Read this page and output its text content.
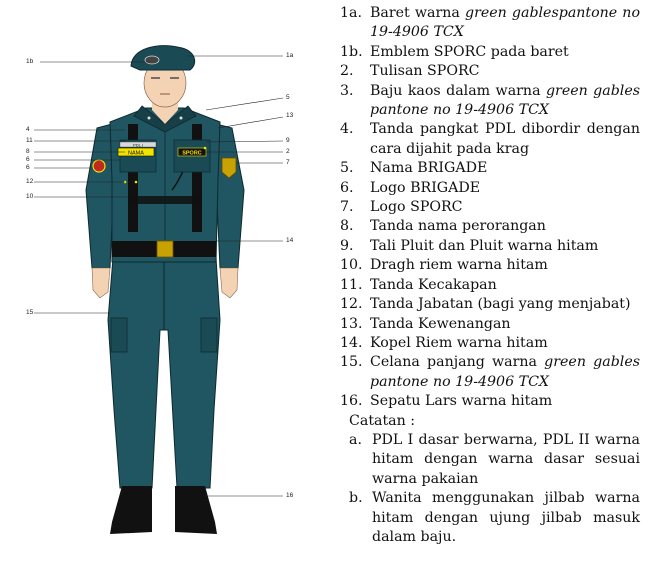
NAMA	SPORC
PDL I
1b
1a
5
13
4
11	9
8	2
6	7
6
12
10
14
15
16
1a. Baret warna green gablespantone no 19-4906 TCX
1b. Emblem SPORC pada baret
2. Tulisan SPORC
3. Baju kaos dalam warna green gables pantone no 19-4906 TCX
4. Tanda pangkat PDL dibordir dengan cara dijahit pada krag
5. Nama BRIGADE
6. Logo BRIGADE
7. Logo SPORC
8. Tanda nama perorangan
9. Tali Pluit dan Pluit warna hitam
10. Dragh riem warna hitam
11. Tanda Kecakapan
12. Tanda Jabatan (bagi yang menjabat)
13. Tanda Kewenangan
14. Kopel Riem warna hitam
15. Celana panjang warna green gables pantone no 19-4906 TCX
16. Sepatu Lars warna hitam
Catatan :
a. PDL I dasar berwarna, PDL II warna hitam dengan warna dasar sesuai warna pakaian
b. Wanita menggunakan jilbab warna hitam dengan ujung jilbab masuk dalam baju.
